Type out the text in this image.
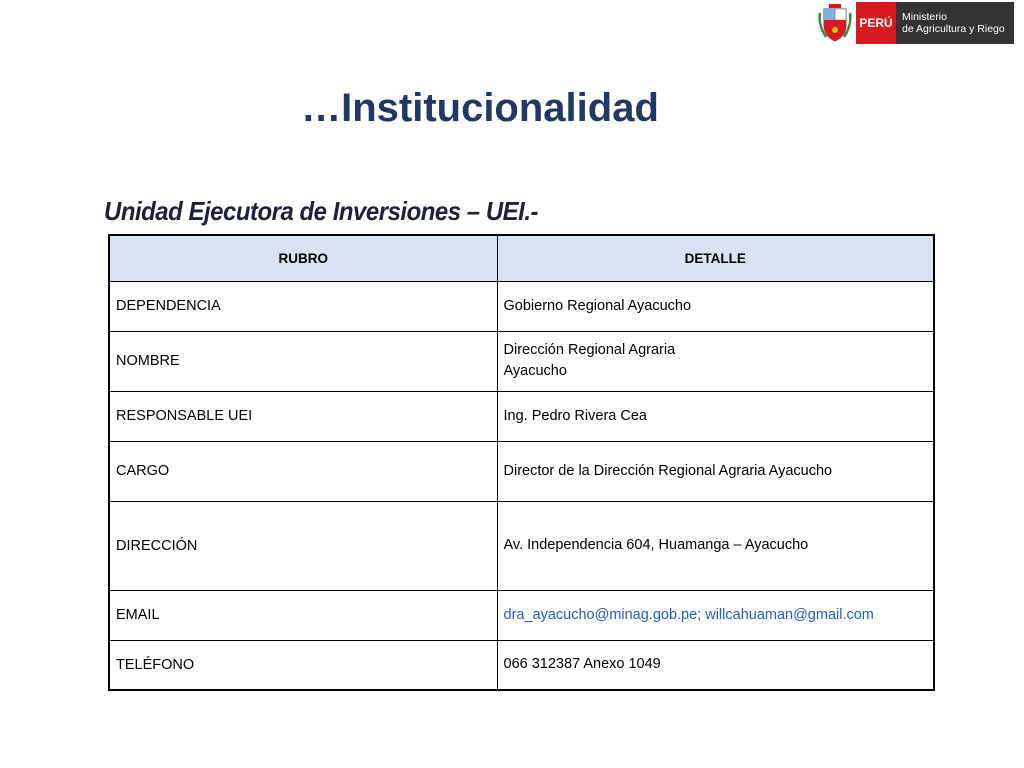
PERÚ Ministerio
de Agricultura y Riego
…Institucionalidad
Unidad Ejecutora de Inversiones – UEI.-
RUBRO	DETALLE
DEPENDENCIA	Gobierno Regional Ayacucho

NOMBRE	Dirección Regional Agraria
Ayacucho

RESPONSABLE UEI	Ing. Pedro Rivera Cea

CARGO	Director de la Dirección Regional Agraria Ayacucho

DIRECCIÓN	Av. Independencia 604, Huamanga – Ayacucho

EMAIL	dra_ayacucho@minag.gob.pe; willcahuaman@gmail.com

TELÉFONO	066 312387 Anexo 1049
